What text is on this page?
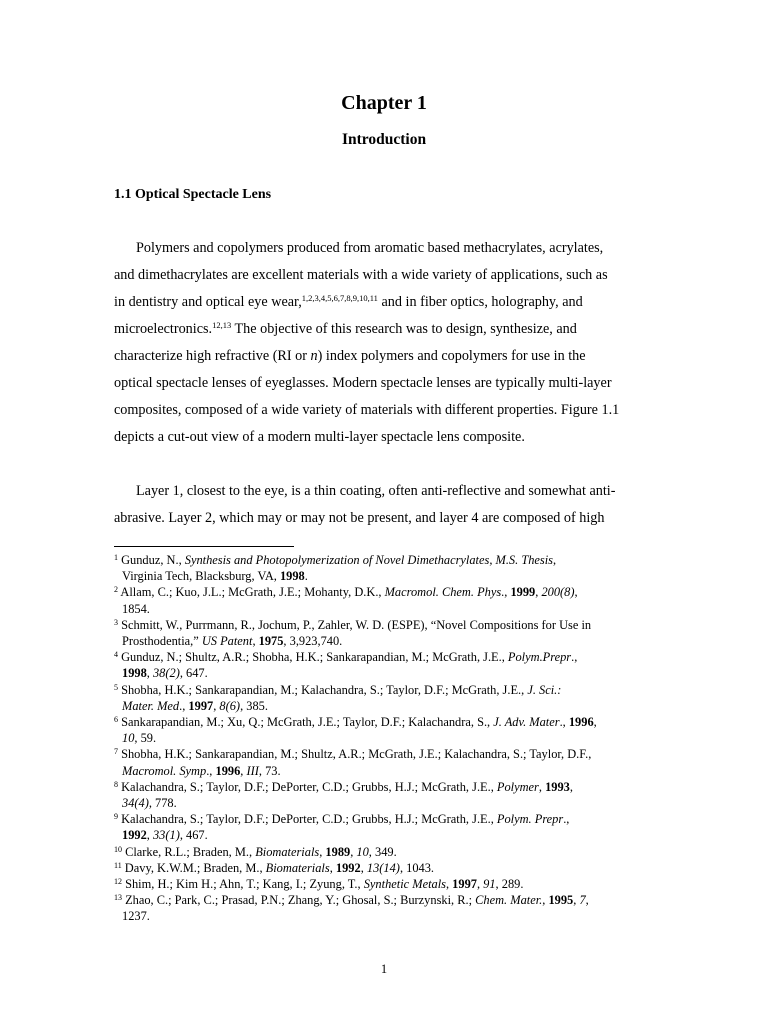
Chapter 1
Introduction
1.1 Optical Spectacle Lens
Polymers and copolymers produced from aromatic based methacrylates, acrylates,
and dimethacrylates are excellent materials with a wide variety of applications, such as
in dentistry and optical eye wear,$^{1,2,3,4,5,6,7,8,9,10,11}$ and in fiber optics, holography, and
microelectronics.$^{12,13}$ The objective of this research was to design, synthesize, and
characterize high refractive (RI or n) index polymers and copolymers for use in the
optical spectacle lenses of eyeglasses. Modern spectacle lenses are typically multi-layer
composites, composed of a wide variety of materials with different properties. Figure 1.1
depicts a cut-out view of a modern multi-layer spectacle lens composite.
Layer 1, closest to the eye, is a thin coating, often anti-reflective and somewhat anti-
abrasive. Layer 2, which may or may not be present, and layer 4 are composed of high
$^1$ Gunduz, N., Synthesis and Photopolymerization of Novel Dimethacrylates, M.S. Thesis,
Virginia Tech, Blacksburg, VA, 1998.
$^2$ Allam, C.; Kuo, J.L.; McGrath, J.E.; Mohanty, D.K., Macromol. Chem. Phys., 1999, 200(8),
1854.
$^3$ Schmitt, W., Purrmann, R., Jochum, P., Zahler, W. D. (ESPE), “Novel Compositions for Use in
Prosthodentia,” US Patent, 1975, 3,923,740.
$^4$ Gunduz, N.; Shultz, A.R.; Shobha, H.K.; Sankarapandian, M.; McGrath, J.E., Polym.Prepr.,
1998, 38(2), 647.
$^5$ Shobha, H.K.; Sankarapandian, M.; Kalachandra, S.; Taylor, D.F.; McGrath, J.E., J. Sci.:
Mater. Med., 1997, 8(6), 385.
$^6$ Sankarapandian, M.; Xu, Q.; McGrath, J.E.; Taylor, D.F.; Kalachandra, S., J. Adv. Mater., 1996,
10, 59.
$^7$ Shobha, H.K.; Sankarapandian, M.; Shultz, A.R.; McGrath, J.E.; Kalachandra, S.; Taylor, D.F.,
Macromol. Symp., 1996, III, 73.
$^8$ Kalachandra, S.; Taylor, D.F.; DePorter, C.D.; Grubbs, H.J.; McGrath, J.E., Polymer, 1993,
34(4), 778.
$^9$ Kalachandra, S.; Taylor, D.F.; DePorter, C.D.; Grubbs, H.J.; McGrath, J.E., Polym. Prepr.,
1992, 33(1), 467.
$^{10}$ Clarke, R.L.; Braden, M., Biomaterials, 1989, 10, 349.
$^{11}$ Davy, K.W.M.; Braden, M., Biomaterials, 1992, 13(14), 1043.
$^{12}$ Shim, H.; Kim H.; Ahn, T.; Kang, I.; Zyung, T., Synthetic Metals, 1997, 91, 289.
$^{13}$ Zhao, C.; Park, C.; Prasad, P.N.; Zhang, Y.; Ghosal, S.; Burzynski, R.; Chem. Mater., 1995, 7,
1237.
1
